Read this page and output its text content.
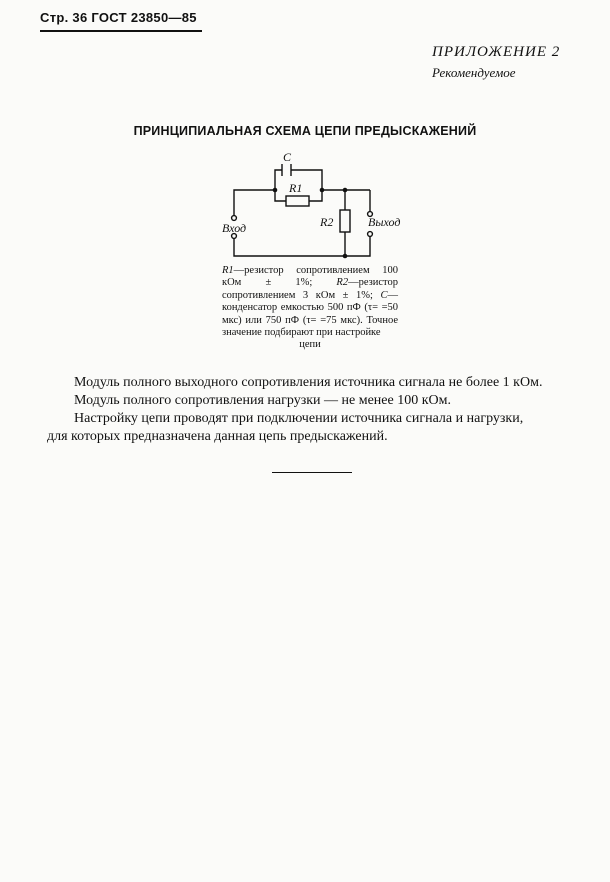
Стр. 36 ГОСТ 23850—85
ПРИЛОЖЕНИЕ 2
Рекомендуемое
ПРИНЦИПИАЛЬНАЯ СХЕМА ЦЕПИ ПРЕДЫСКАЖЕНИЙ
C
R1
R2
Вход	Выход
R1—резистор сопротивлением 100 кОм ± 1%; R2—резистор сопротивлением 3 кОм ± 1%; C—конденсатор емкостью 500 пФ (τ= =50 мкс) или 750 пФ (τ= =75 мкс). Точное значение подбирают при настройке
цепи
Модуль полного выходного сопротивления источника сигнала не более 1 кОм.
Модуль полного сопротивления нагрузки — не менее 100 кОм.
Настройку цепи проводят при подключении источника сигнала и нагрузки,
для которых предназначена данная цепь предыскажений.
